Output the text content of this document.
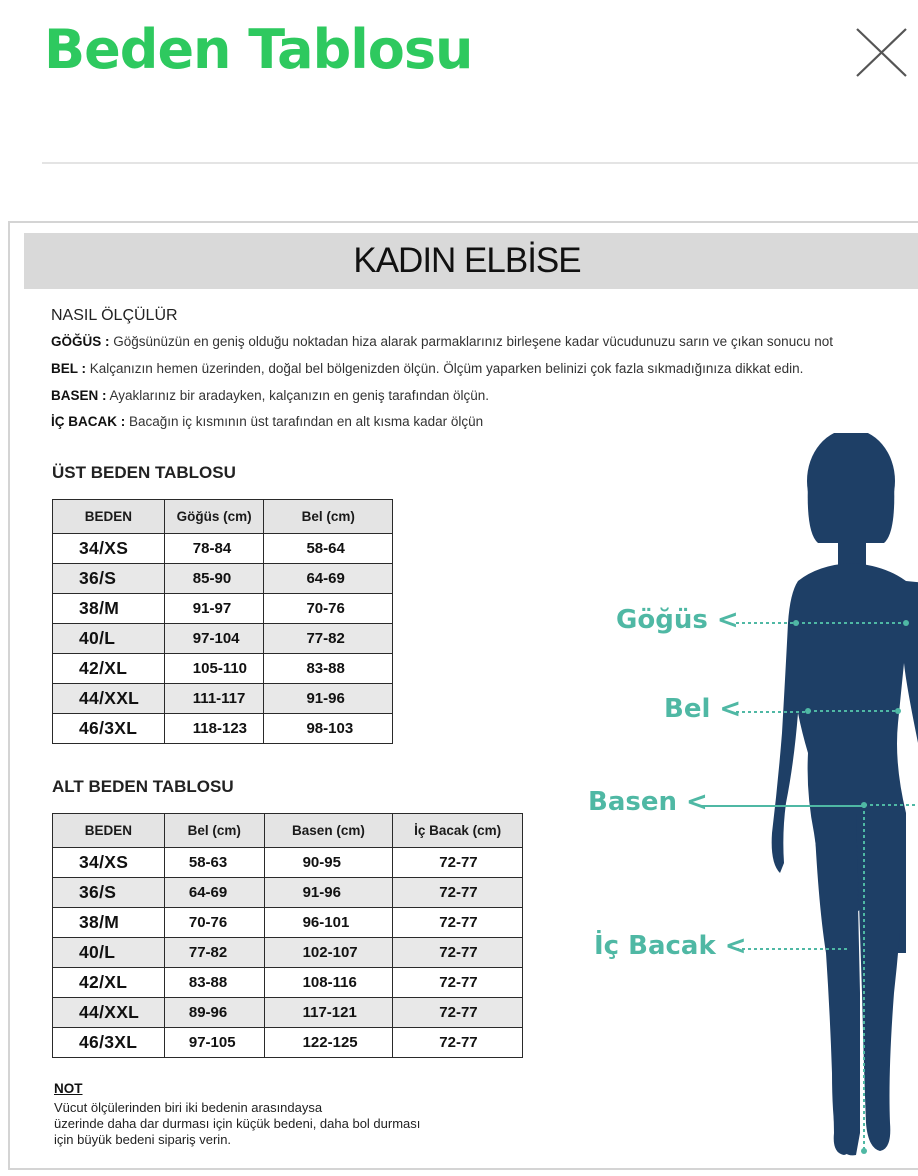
Beden Tablosu
KADIN ELBİSE
NASIL ÖLÇÜLÜR
GÖĞÜS : Göğsünüzün en geniş olduğu noktadan hiza alarak parmaklarınız birleşene kadar vücudunuzu sarın ve çıkan sonucu not
BEL : Kalçanızın hemen üzerinden, doğal bel bölgenizden ölçün. Ölçüm yaparken belinizi çok fazla sıkmadığınıza dikkat edin.
BASEN : Ayaklarınız bir aradayken, kalçanızın en geniş tarafından ölçün.
İÇ BACAK : Bacağın iç kısmının üst tarafından en alt kısma kadar ölçün
ÜST BEDEN TABLOSU
BEDEN	Göğüs (cm)	Bel (cm)
34/XS	78-84	58-64
36/S	85-90	64-69
38/M	91-97	70-76
40/L	97-104	77-82
42/XL	105-110	83-88
44/XXL	111-117	91-96
46/3XL	118-123	98-103
ALT BEDEN TABLOSU
BEDEN	Bel (cm)	Basen (cm)	İç Bacak (cm)
34/XS	58-63	90-95	72-77
36/S	64-69	91-96	72-77
38/M	70-76	96-101	72-77
40/L	77-82	102-107	72-77
42/XL	83-88	108-116	72-77
44/XXL	89-96	117-121	72-77
46/3XL	97-105	122-125	72-77
NOT
Vücut ölçülerinden biri iki bedenin arasındaysa
üzerinde daha dar durması için küçük bedeni, daha bol durması
için büyük bedeni sipariş verin.
Göğüs <
Bel <
Basen <
İç Bacak <
